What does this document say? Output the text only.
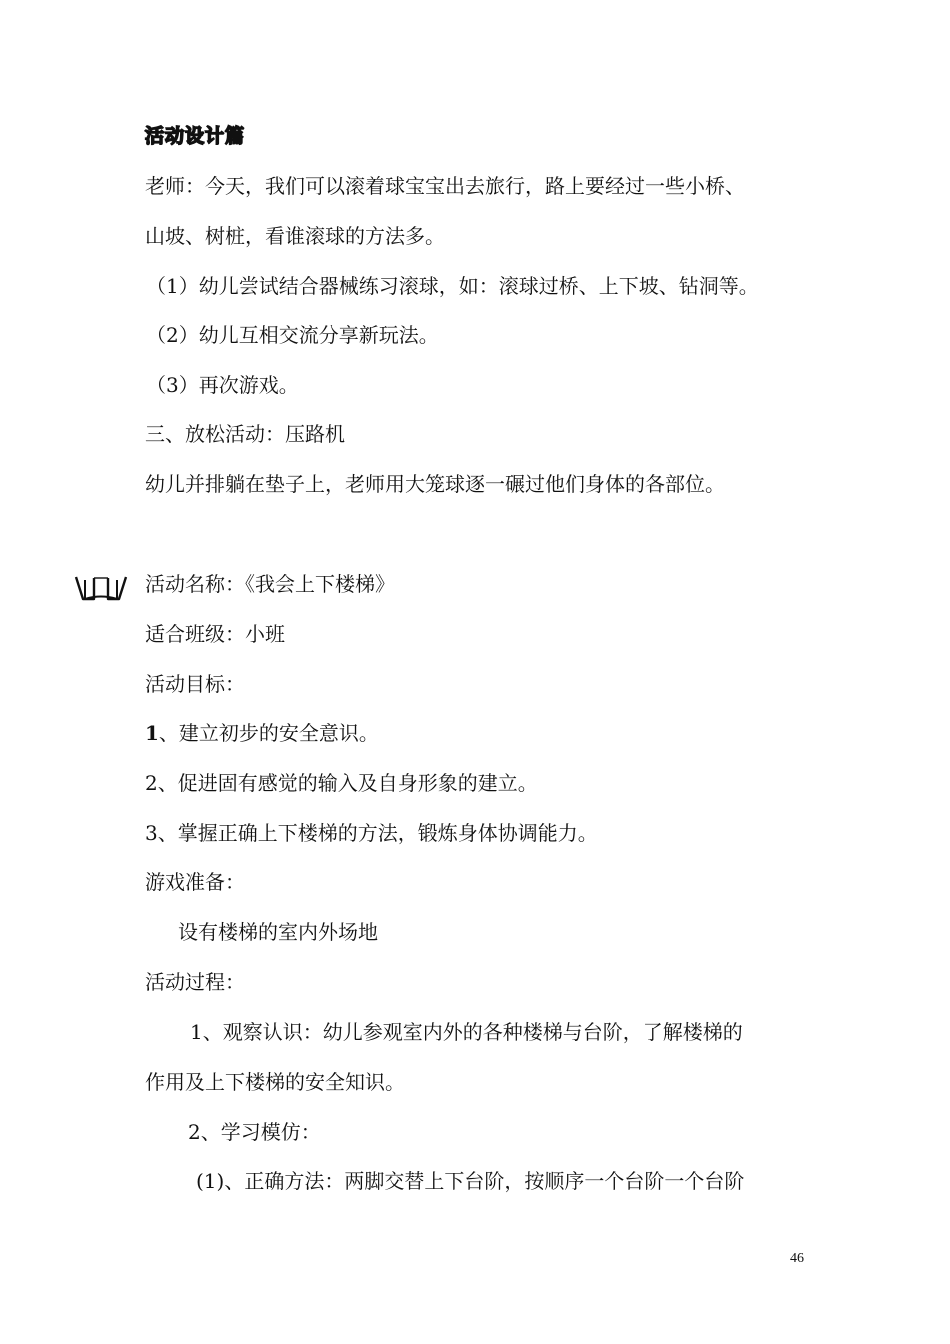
活动设计篇
老师：今天，我们可以滚着球宝宝出去旅行，路上要经过一些小桥、
山坡、树桩，看谁滚球的方法多。
（1）幼儿尝试结合器械练习滚球，如：滚球过桥、上下坡、钻洞等。
（2）幼儿互相交流分享新玩法。
（3）再次游戏。
三、放松活动：压路机
幼儿并排躺在垫子上，老师用大笼球逐一碾过他们身体的各部位。
活动名称：《我会上下楼梯》
适合班级：小班
活动目标：
1、建立初步的安全意识。
2、促进固有感觉的输入及自身形象的建立。
3、掌握正确上下楼梯的方法，锻炼身体协调能力。
游戏准备：
设有楼梯的室内外场地
活动过程：
1、观察认识：幼儿参观室内外的各种楼梯与台阶，了解楼梯的
作用及上下楼梯的安全知识。
2、学习模仿：
(1)、正确方法：两脚交替上下台阶，按顺序一个台阶一个台阶
46
